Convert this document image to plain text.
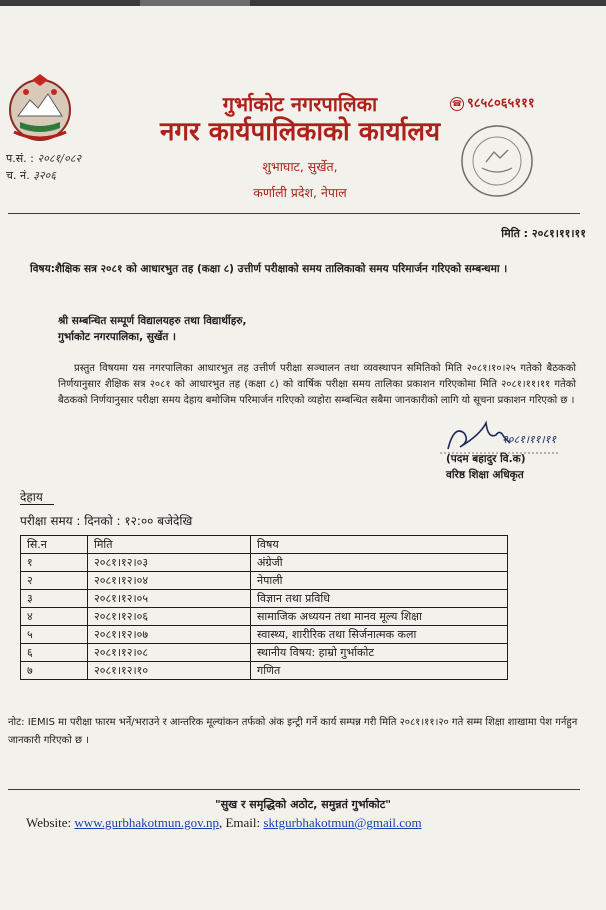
प.सं. : २०८१/०८२
च. नं. ३२०६
गुर्भाकोट नगरपालिका
नगर कार्यपालिकाको कार्यालय
शुभाघाट, सुर्खेत,
कर्णाली प्रदेश, नेपाल
☎ ९८५८०६५१११
मिति : २०८१।११।११
विषय:शैक्षिक सत्र २०८१ को आधारभुत तह (कक्षा ८) उत्तीर्ण परीक्षाको समय तालिकाको समय परिमार्जन गरिएको सम्बन्धमा ।
श्री सम्बन्धित सम्पूर्ण विद्यालयहरु तथा विद्यार्थीहरु,
गुर्भाकोट नगरपालिका, सुर्खेत ।
प्रस्तुत विषयमा यस नगरपालिका आधारभुत तह उत्तीर्ण परीक्षा सञ्चालन तथा व्यवस्थापन समितिको मिति २०८१।१०।२५ गतेको बैठकको निर्णयानुसार शैक्षिक सत्र २०८१ को आधारभुत तह (कक्षा ८) को वार्षिक परीक्षा समय तालिका प्रकाशन गरिएकोमा मिति २०८१।११।११ गतेको बैठकको निर्णयानुसार परीक्षा समय देहाय बमोजिम परिमार्जन गरिएको व्यहोरा सम्बन्धित सबैमा जानकारीको लागि यो सूचना प्रकाशन गरिएको छ ।
२०८१।११।११
(पदम बहादुर वि.क)
वरिष्ठ शिक्षा अधिकृत
देहाय
परीक्षा समय : दिनको : १२:०० बजेदेखि
सि.न	मिति	विषय
१	२०८१।१२।०३	अंग्रेजी
२	२०८१।१२।०४	नेपाली
३	२०८१।१२।०५	विज्ञान तथा प्रविधि
४	२०८१।१२।०६	सामाजिक अध्ययन तथा मानव मूल्य शिक्षा
५	२०८१।१२।०७	स्वास्थ्य, शारीरिक तथा सिर्जनात्मक कला
६	२०८१।१२।०८	स्थानीय विषय: हाम्रो गुर्भाकोट
७	२०८१।१२।१०	गणित
नोट: IEMIS मा परीक्षा फारम भर्ने/भराउने र आन्तरिक मूल्यांकन तर्फको अंक इन्ट्री गर्ने कार्य सम्पन्न गरी मिति २०८१।११।२० गते सम्म शिक्षा शाखामा पेश गर्नहुन जानकारी गरिएको छ ।
"सुख र समृद्धिको अठोट, समुन्नतं गुर्भाकोट"
Website: www.gurbhakotmun.gov.np, Email: sktgurbhakotmun@gmail.com
